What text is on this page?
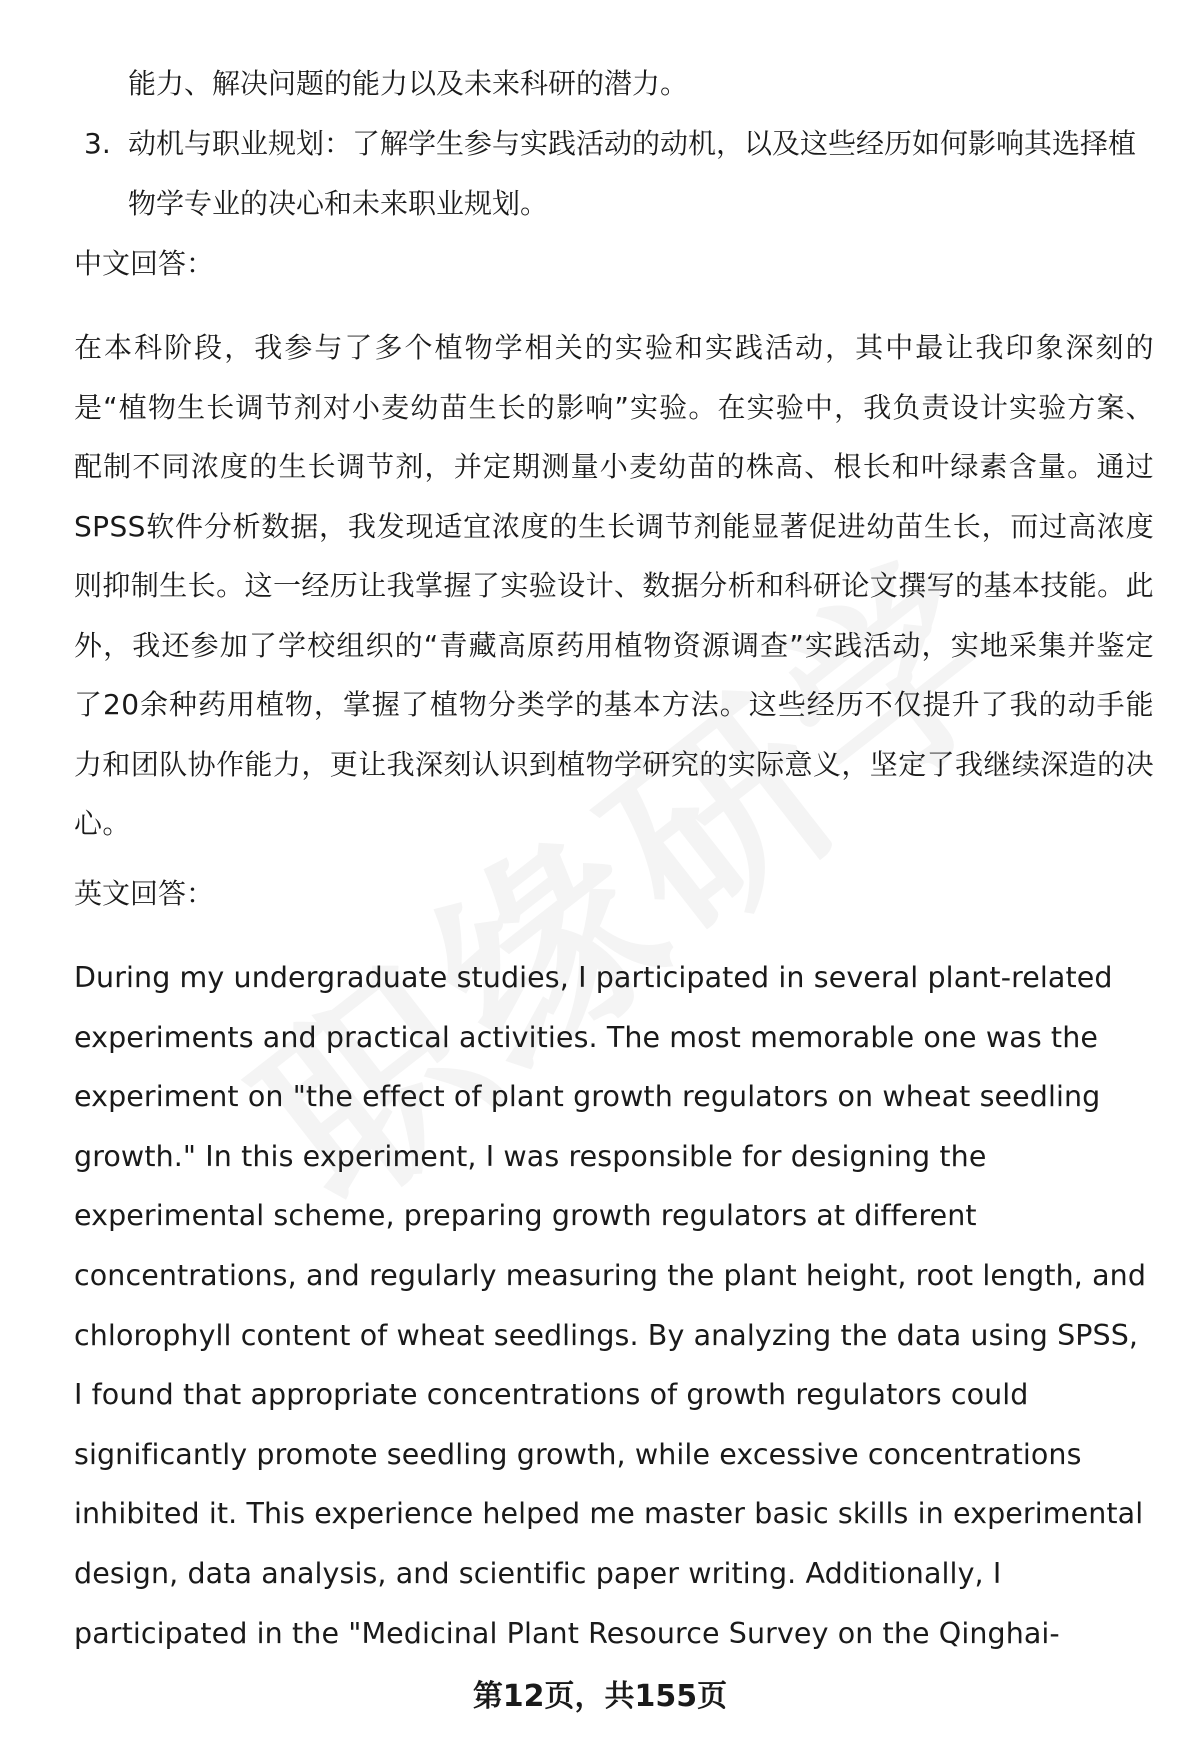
能力、解决问题的能力以及未来科研的潜力。
3. 动机与职业规划：了解学生参与实践活动的动机，以及这些经历如何影响其选择植物学专业的决心和未来职业规划。
中文回答：
在本科阶段，我参与了多个植物学相关的实验和实践活动，其中最让我印象深刻的是“植物生长调节剂对小麦幼苗生长的影响”实验。在实验中，我负责设计实验方案、配制不同浓度的生长调节剂，并定期测量小麦幼苗的株高、根长和叶绿素含量。通过SPSS软件分析数据，我发现适宜浓度的生长调节剂能显著促进幼苗生长，而过高浓度则抑制生长。这一经历让我掌握了实验设计、数据分析和科研论文撰写的基本技能。此外，我还参加了学校组织的“青藏高原药用植物资源调查”实践活动，实地采集并鉴定了20余种药用植物，掌握了植物分类学的基本方法。这些经历不仅提升了我的动手能力和团队协作能力，更让我深刻认识到植物学研究的实际意义，坚定了我继续深造的决心。
英文回答：
During my undergraduate studies, I participated in several plant-related experiments and practical activities. The most memorable one was the experiment on "the effect of plant growth regulators on wheat seedling growth." In this experiment, I was responsible for designing the experimental scheme, preparing growth regulators at different concentrations, and regularly measuring the plant height, root length, and chlorophyll content of wheat seedlings. By analyzing the data using SPSS, I found that appropriate concentrations of growth regulators could significantly promote seedling growth, while excessive concentrations inhibited it. This experience helped me master basic skills in experimental design, data analysis, and scientific paper writing. Additionally, I participated in the "Medicinal Plant Resource Survey on the Qinghai-
第12页，共155页
